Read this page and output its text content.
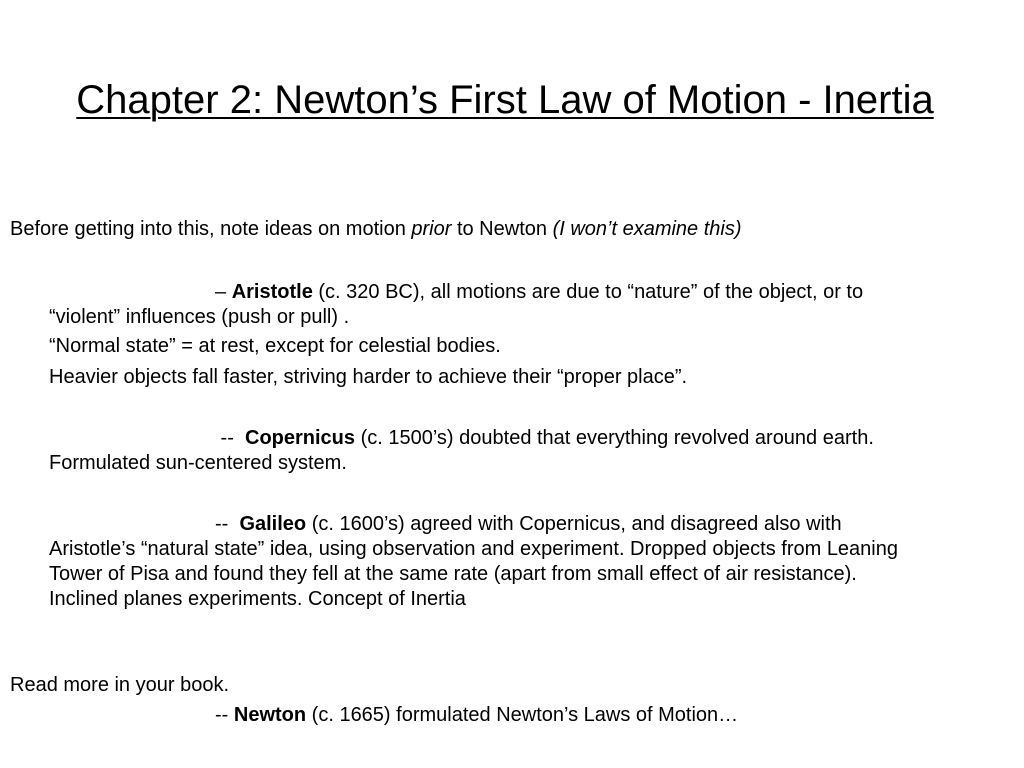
Chapter 2: Newton’s First Law of Motion - Inertia
Before getting into this, note ideas on motion prior to Newton (I won’t examine this)

– Aristotle (c. 320 BC), all motions are due to “nature” of the object, or to “violent” influences (push or pull) .

“Normal state” = at rest, except for celestial bodies.

Heavier objects fall faster, striving harder to achieve their “proper place”.

--  Copernicus (c. 1500’s) doubted that everything revolved around earth. Formulated sun-centered system.

--  Galileo (c. 1600’s) agreed with Copernicus, and disagreed also with Aristotle’s “natural state” idea, using observation and experiment. Dropped objects from Leaning Tower of Pisa and found they fell at the same rate (apart from small effect of air resistance). Inclined planes experiments. Concept of Inertia

Read more in your book.

-- Newton (c. 1665) formulated Newton’s Laws of Motion…
